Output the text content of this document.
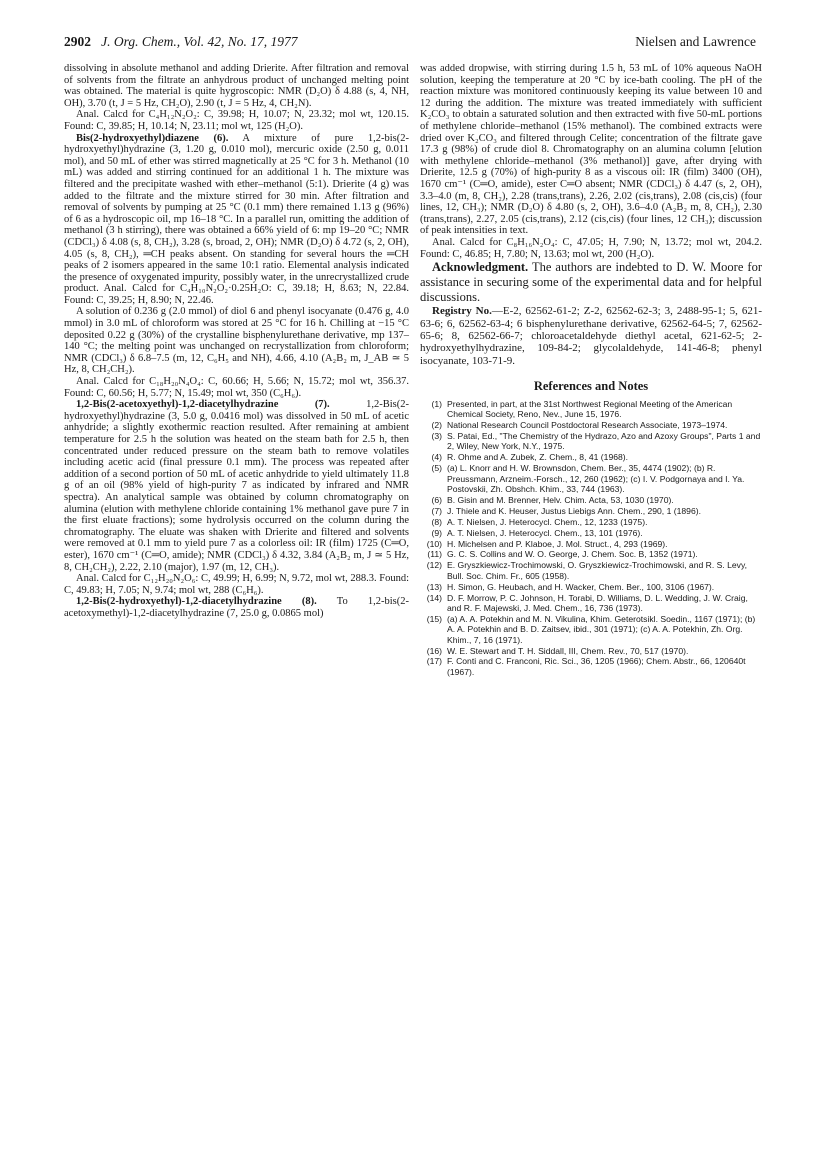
2902 J. Org. Chem., Vol. 42, No. 17, 1977	Nielsen and Lawrence

dissolving in absolute methanol and adding Drierite. After filtration and removal of solvents from the filtrate an anhydrous product of unchanged melting point was obtained. The material is quite hygroscopic: NMR (D₂O) δ 4.88 (s, 4, NH, OH), 3.70 (t, J = 5 Hz, CH₂O), 2.90 (t, J = 5 Hz, 4, CH₂N).

Anal. Calcd for C₄H₁₂N₂O₂: C, 39.98; H, 10.07; N, 23.32; mol wt, 120.15. Found: C, 39.85; H, 10.14; N, 23.11; mol wt, 125 (H₂O).

Bis(2-hydroxyethyl)diazene (6). A mixture of pure 1,2-bis(2-hydroxyethyl)hydrazine (3, 1.20 g, 0.010 mol), mercuric oxide (2.50 g, 0.011 mol), and 50 mL of ether was stirred magnetically at 25 °C for 3 h. Methanol (10 mL) was added and stirring continued for an additional 1 h. The mixture was filtered and the precipitate washed with ether–methanol (5:1). Drierite (4 g) was added to the filtrate and the mixture stirred for 30 min. After filtration and removal of solvents by pumping at 25 °C (0.1 mm) there remained 1.13 g (96%) of 6 as a hydroscopic oil, mp 16–18 °C. In a parallel run, omitting the addition of methanol (3 h stirring), there was obtained a 66% yield of 6: mp 19–20 °C; NMR (CDCl₃) δ 4.08 (s, 8, CH₂), 3.28 (s, broad, 2, OH); NMR (D₂O) δ 4.72 (s, 2, OH), 4.05 (s, 8, CH₂), ═CH peaks absent. On standing for several hours the ═CH peaks of 2 isomers appeared in the same 10:1 ratio. Elemental analysis indicated the presence of oxygenated impurity, possibly water, in the unrecrystallized crude product. Anal. Calcd for C₄H₁₀N₂O₂·0.25H₂O: C, 39.18; H, 8.63; N, 22.84. Found: C, 39.25; H, 8.90; N, 22.46.

A solution of 0.236 g (2.0 mmol) of diol 6 and phenyl isocyanate (0.476 g, 4.0 mmol) in 3.0 mL of chloroform was stored at 25 °C for 16 h. Chilling at −15 °C deposited 0.22 g (30%) of the crystalline bisphenylurethane derivative, mp 137–140 °C; the melting point was unchanged on recrystallization from chloroform; NMR (CDCl₃) δ 6.8–7.5 (m, 12, C₆H₅ and NH), 4.66, 4.10 (A₂B₂ m, J_AB ≃ 5 Hz, 8, CH₂CH₂).

Anal. Calcd for C₁₈H₂₀N₄O₄: C, 60.66; H, 5.66; N, 15.72; mol wt, 356.37. Found: C, 60.56; H, 5.77; N, 15.49; mol wt, 350 (C₆H₆).

1,2-Bis(2-acetoxyethyl)-1,2-diacetylhydrazine (7). 1,2-Bis(2-hydroxyethyl)hydrazine (3, 5.0 g, 0.0416 mol) was dissolved in 50 mL of acetic anhydride; a slightly exothermic reaction resulted. After remaining at ambient temperature for 2.5 h the solution was heated on the steam bath for 2.5 h, then concentrated under reduced pressure on the steam bath to remove volatiles including acetic acid (final pressure 0.1 mm). The process was repeated after addition of a second portion of 50 mL of acetic anhydride to yield ultimately 11.8 g of an oil (98% yield of high-purity 7 as indicated by infrared and NMR spectra). An analytical sample was obtained by column chromatography on alumina (elution with methylene chloride containing 1% methanol gave pure 7 in the first eluate fractions); some hydrolysis occurred on the column during the chromatography. The eluate was shaken with Drierite and filtered and solvents were removed at 0.1 mm to yield pure 7 as a colorless oil: IR (film) 1725 (C═O, ester), 1670 cm⁻¹ (C═O, amide); NMR (CDCl₃) δ 4.32, 3.84 (A₂B₂ m, J ≃ 5 Hz, 8, CH₂CH₂), 2.22, 2.10 (major), 1.97 (m, 12, CH₃).

Anal. Calcd for C₁₂H₂₀N₂O₆: C, 49.99; H, 6.99; N, 9.72, mol wt, 288.3. Found: C, 49.83; H, 7.05; N, 9.74; mol wt, 288 (C₆H₆).

1,2-Bis(2-hydroxyethyl)-1,2-diacetylhydrazine (8). To 1,2-bis(2-acetoxymethyl)-1,2-diacetylhydrazine (7, 25.0 g, 0.0865 mol)

was added dropwise, with stirring during 1.5 h, 53 mL of 10% aqueous NaOH solution, keeping the temperature at 20 °C by ice-bath cooling. The pH of the reaction mixture was monitored continuously keeping its value between 10 and 12 during the addition. The mixture was treated immediately with sufficient K₂CO₃ to obtain a saturated solution and then extracted with five 50-mL portions of methylene chloride–methanol (15% methanol). The combined extracts were dried over K₂CO₃ and filtered through Celite; concentration of the filtrate gave 17.3 g (98%) of crude diol 8. Chromatography on an alumina column [elution with methylene chloride–methanol (3% methanol)] gave, after drying with Drierite, 12.5 g (70%) of high-purity 8 as a viscous oil: IR (film) 3400 (OH), 1670 cm⁻¹ (C═O, amide), ester C═O absent; NMR (CDCl₃) δ 4.47 (s, 2, OH), 3.3–4.0 (m, 8, CH₂), 2.28 (trans,trans), 2.26, 2.02 (cis,trans), 2.08 (cis,cis) (four lines, 12, CH₃); NMR (D₂O) δ 4.80 (s, 2, OH), 3.6–4.0 (A₂B₂ m, 8, CH₂), 2.30 (trans,trans), 2.27, 2.05 (cis,trans), 2.12 (cis,cis) (four lines, 12 CH₃); discussion of peak intensities in text.

Anal. Calcd for C₈H₁₆N₂O₄: C, 47.05; H, 7.90; N, 13.72; mol wt, 204.2. Found: C, 46.85; H, 7.80; N, 13.63; mol wt, 200 (H₂O).

Acknowledgment. The authors are indebted to D. W. Moore for assistance in securing some of the experimental data and for helpful discussions.

Registry No.—E-2, 62562-61-2; Z-2, 62562-62-3; 3, 2488-95-1; 5, 621-63-6; 6, 62562-63-4; 6 bisphenylurethane derivative, 62562-64-5; 7, 62562-65-6; 8, 62562-66-7; chloroacetaldehyde diethyl acetal, 621-62-5; 2-hydroxyethylhydrazine, 109-84-2; glycolaldehyde, 141-46-8; phenyl isocyanate, 103-71-9.

References and Notes
(1) Presented, in part, at the 31st Northwest Regional Meeting of the American Chemical Society, Reno, Nev., June 15, 1976.
(2) National Research Council Postdoctoral Research Associate, 1973–1974.
(3) S. Patai, Ed., "The Chemistry of the Hydrazo, Azo and Azoxy Groups", Parts 1 and 2, Wiley, New York, N.Y., 1975.
(4) R. Ohme and A. Zubek, Z. Chem., 8, 41 (1968).
(5) (a) L. Knorr and H. W. Brownsdon, Chem. Ber., 35, 4474 (1902); (b) R. Preussmann, Arzneim.-Forsch., 12, 260 (1962); (c) I. V. Podgornaya and I. Ya. Postovskii, Zh. Obshch. Khim., 33, 744 (1963).
(6) B. Gisin and M. Brenner, Helv. Chim. Acta, 53, 1030 (1970).
(7) J. Thiele and K. Heuser, Justus Liebigs Ann. Chem., 290, 1 (1896).
(8) A. T. Nielsen, J. Heterocycl. Chem., 12, 1233 (1975).
(9) A. T. Nielsen, J. Heterocycl. Chem., 13, 101 (1976).
(10) H. Michelsen and P. Klaboe, J. Mol. Struct., 4, 293 (1969).
(11) G. C. S. Collins and W. O. George, J. Chem. Soc. B, 1352 (1971).
(12) E. Gryszkiewicz-Trochimowski, O. Gryszkiewicz-Trochimowski, and R. S. Levy, Bull. Soc. Chim. Fr., 605 (1958).
(13) H. Simon, G. Heubach, and H. Wacker, Chem. Ber., 100, 3106 (1967).
(14) D. F. Morrow, P. C. Johnson, H. Torabi, D. Williams, D. L. Wedding, J. W. Craig, and R. F. Majewski, J. Med. Chem., 16, 736 (1973).
(15) (a) A. A. Potekhin and M. N. Vikulina, Khim. Geterotsikl. Soedin., 1167 (1971); (b) A. A. Potekhin and B. D. Zaitsev, ibid., 301 (1971); (c) A. A. Potekhin, Zh. Org. Khim., 7, 16 (1971).
(16) W. E. Stewart and T. H. Siddall, III, Chem. Rev., 70, 517 (1970).
(17) F. Conti and C. Franconi, Ric. Sci., 36, 1205 (1966); Chem. Abstr., 66, 120640t (1967).
